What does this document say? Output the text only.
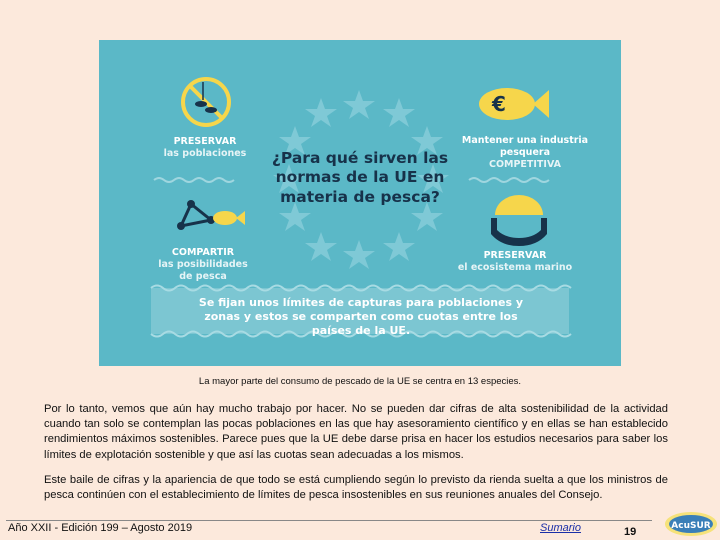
€
¿Para qué sirven las normas de la UE en materia de pesca?
PRESERVAR

las poblaciones
Mantener una industria pesquera

COMPETITIVA
COMPARTIR

las posibilidades de pesca
PRESERVAR

el ecosistema marino
Se fijan unos límites de capturas para poblaciones y zonas y estos se comparten como cuotas entre los países de la UE.
La mayor parte del consumo de pescado de la UE se centra en 13 especies.

Por lo tanto, vemos que aún hay mucho trabajo por hacer. No se pueden dar cifras de alta sostenibilidad de la actividad cuando tan solo se contemplan las pocas poblaciones en las que hay asesoramiento científico y en ellas se han establecido rendimientos máximos sostenibles. Parece pues que la UE debe darse prisa en hacer los estudios necesarios para saber los límites de explotación sostenible y que así las cuotas sean adecuadas a los mismos.

Este baile de cifras y la apariencia de que todo se está cumpliendo según lo previsto da rienda suelta a que los ministros de pesca continúen con el establecimiento de límites de pesca insostenibles en sus reuniones anuales del Consejo.

Año XXII - Edición 199 – Agosto 2019	Sumario	19	AcuSUR
